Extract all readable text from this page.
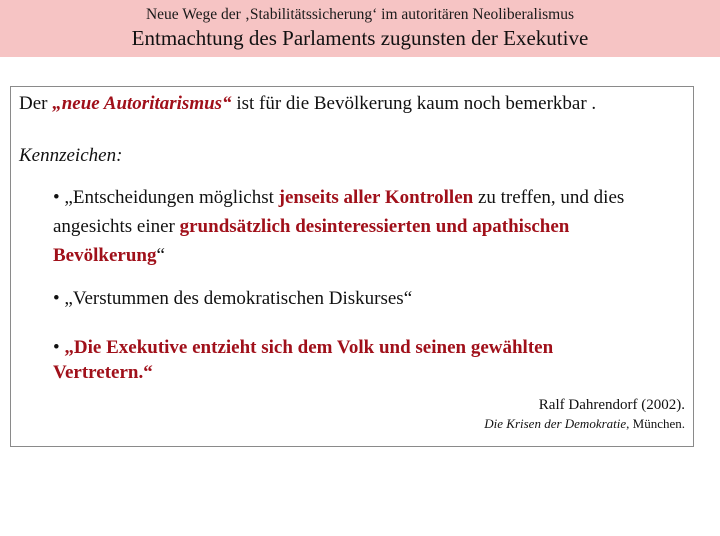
Neue Wege der ‚Stabilitätssicherung‘ im autoritären Neoliberalismus
Entmachtung des Parlaments zugunsten der Exekutive
Der „neue Autoritarismus“ ist für die Bevölkerung kaum noch bemerkbar .
Kennzeichen:
• „Entscheidungen möglichst jenseits aller Kontrollen zu treffen, und dies
angesichts einer grundsätzlich desinteressierten und apathischen
Bevölkerung“
• „Verstummen des demokratischen Diskurses“
• „Die Exekutive entzieht sich dem Volk und seinen gewählten
Vertretern.“
Ralf Dahrendorf (2002).
Die Krisen der Demokratie, München.
